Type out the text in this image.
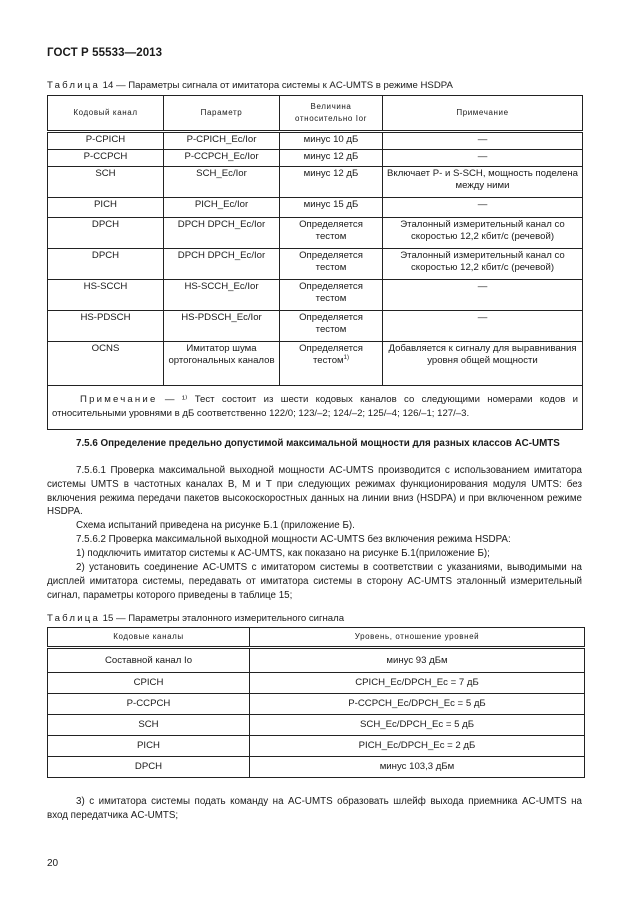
ГОСТ Р 55533—2013
Таблица 14 — Параметры сигнала от имитатора системы к AC-UMTS в режиме HSDPA
Кодовый канал	Параметр	Величина относительно Ior	Примечание
P-CPICH	P-CPICH_Ec/Ior	минус 10 дБ	—
P-CCPCH	P-CCPCH_Ec/Ior	минус 12 дБ	—
SCH	SCH_Ec/Ior	минус 12 дБ	Включает P- и S-SCH, мощность поделена между ними
PICH	PICH_Ec/Ior	минус 15 дБ	—
DPCH	DPCH DPCH_Ec/Ior	Определяется тестом	Эталонный измерительный канал со скоростью 12,2 кбит/с (речевой)
DPCH	DPCH DPCH_Ec/Ior	Определяется тестом	Эталонный измерительный канал со скоростью 12,2 кбит/с (речевой)
HS-SCCH	HS-SCCH_Ec/Ior	Определяется тестом	—
HS-PDSCH	HS-PDSCH_Ec/Ior	Определяется тестом	—
OCNS	Имитатор шума ортогональных каналов	Определяется тестом$^{1)}$	Добавляется к сигналу для выравнивания уровня общей мощности
Примечание — ¹⁾ Тест состоит из шести кодовых каналов со следующими номерами кодов и относительными уровнями в дБ соответственно 122/0; 123/–2; 124/–2; 125/–4; 126/–1; 127/–3.			
7.5.6 Определение предельно допустимой максимальной мощности для разных классов AC-UMTS
7.5.6.1 Проверка максимальной выходной мощности AC-UMTS производится с использованием имитатора системы UMTS в частотных каналах B, M и T при следующих режимах функционирования модуля UMTS: без включения режима передачи пакетов высокоскоростных данных на линии вниз (HSDPA) и при включенном режиме HSDPA.
Схема испытаний приведена на рисунке Б.1 (приложение Б).
7.5.6.2 Проверка максимальной выходной мощности AC-UMTS без включения режима HSDPA:
1) подключить имитатор системы к AC-UMTS, как показано на рисунке Б.1(приложение Б);
2) установить соединение AC-UMTS с имитатором системы в соответствии с указаниями, выводимыми на дисплей имитатора системы, передавать от имитатора системы в сторону AC-UMTS эталонный измерительный сигнал, параметры которого приведены в таблице 15;
Таблица 15 — Параметры эталонного измерительного сигнала
Кодовые каналы	Уровень, отношение уровней
Составной канал Io	минус 93 дБм
CPICH	CPICH_Ec/DPCH_Ec = 7 дБ
P-CCPCH	P-CCPCH_Ec/DPCH_Ec = 5 дБ
SCH	SCH_Ec/DPCH_Ec = 5 дБ
PICH	PICH_Ec/DPCH_Ec = 2 дБ
DPCH	минус 103,3 дБм
3) с имитатора системы подать команду на AC-UMTS образовать шлейф выхода приемника AC-UMTS на вход передатчика AC-UMTS;
20
